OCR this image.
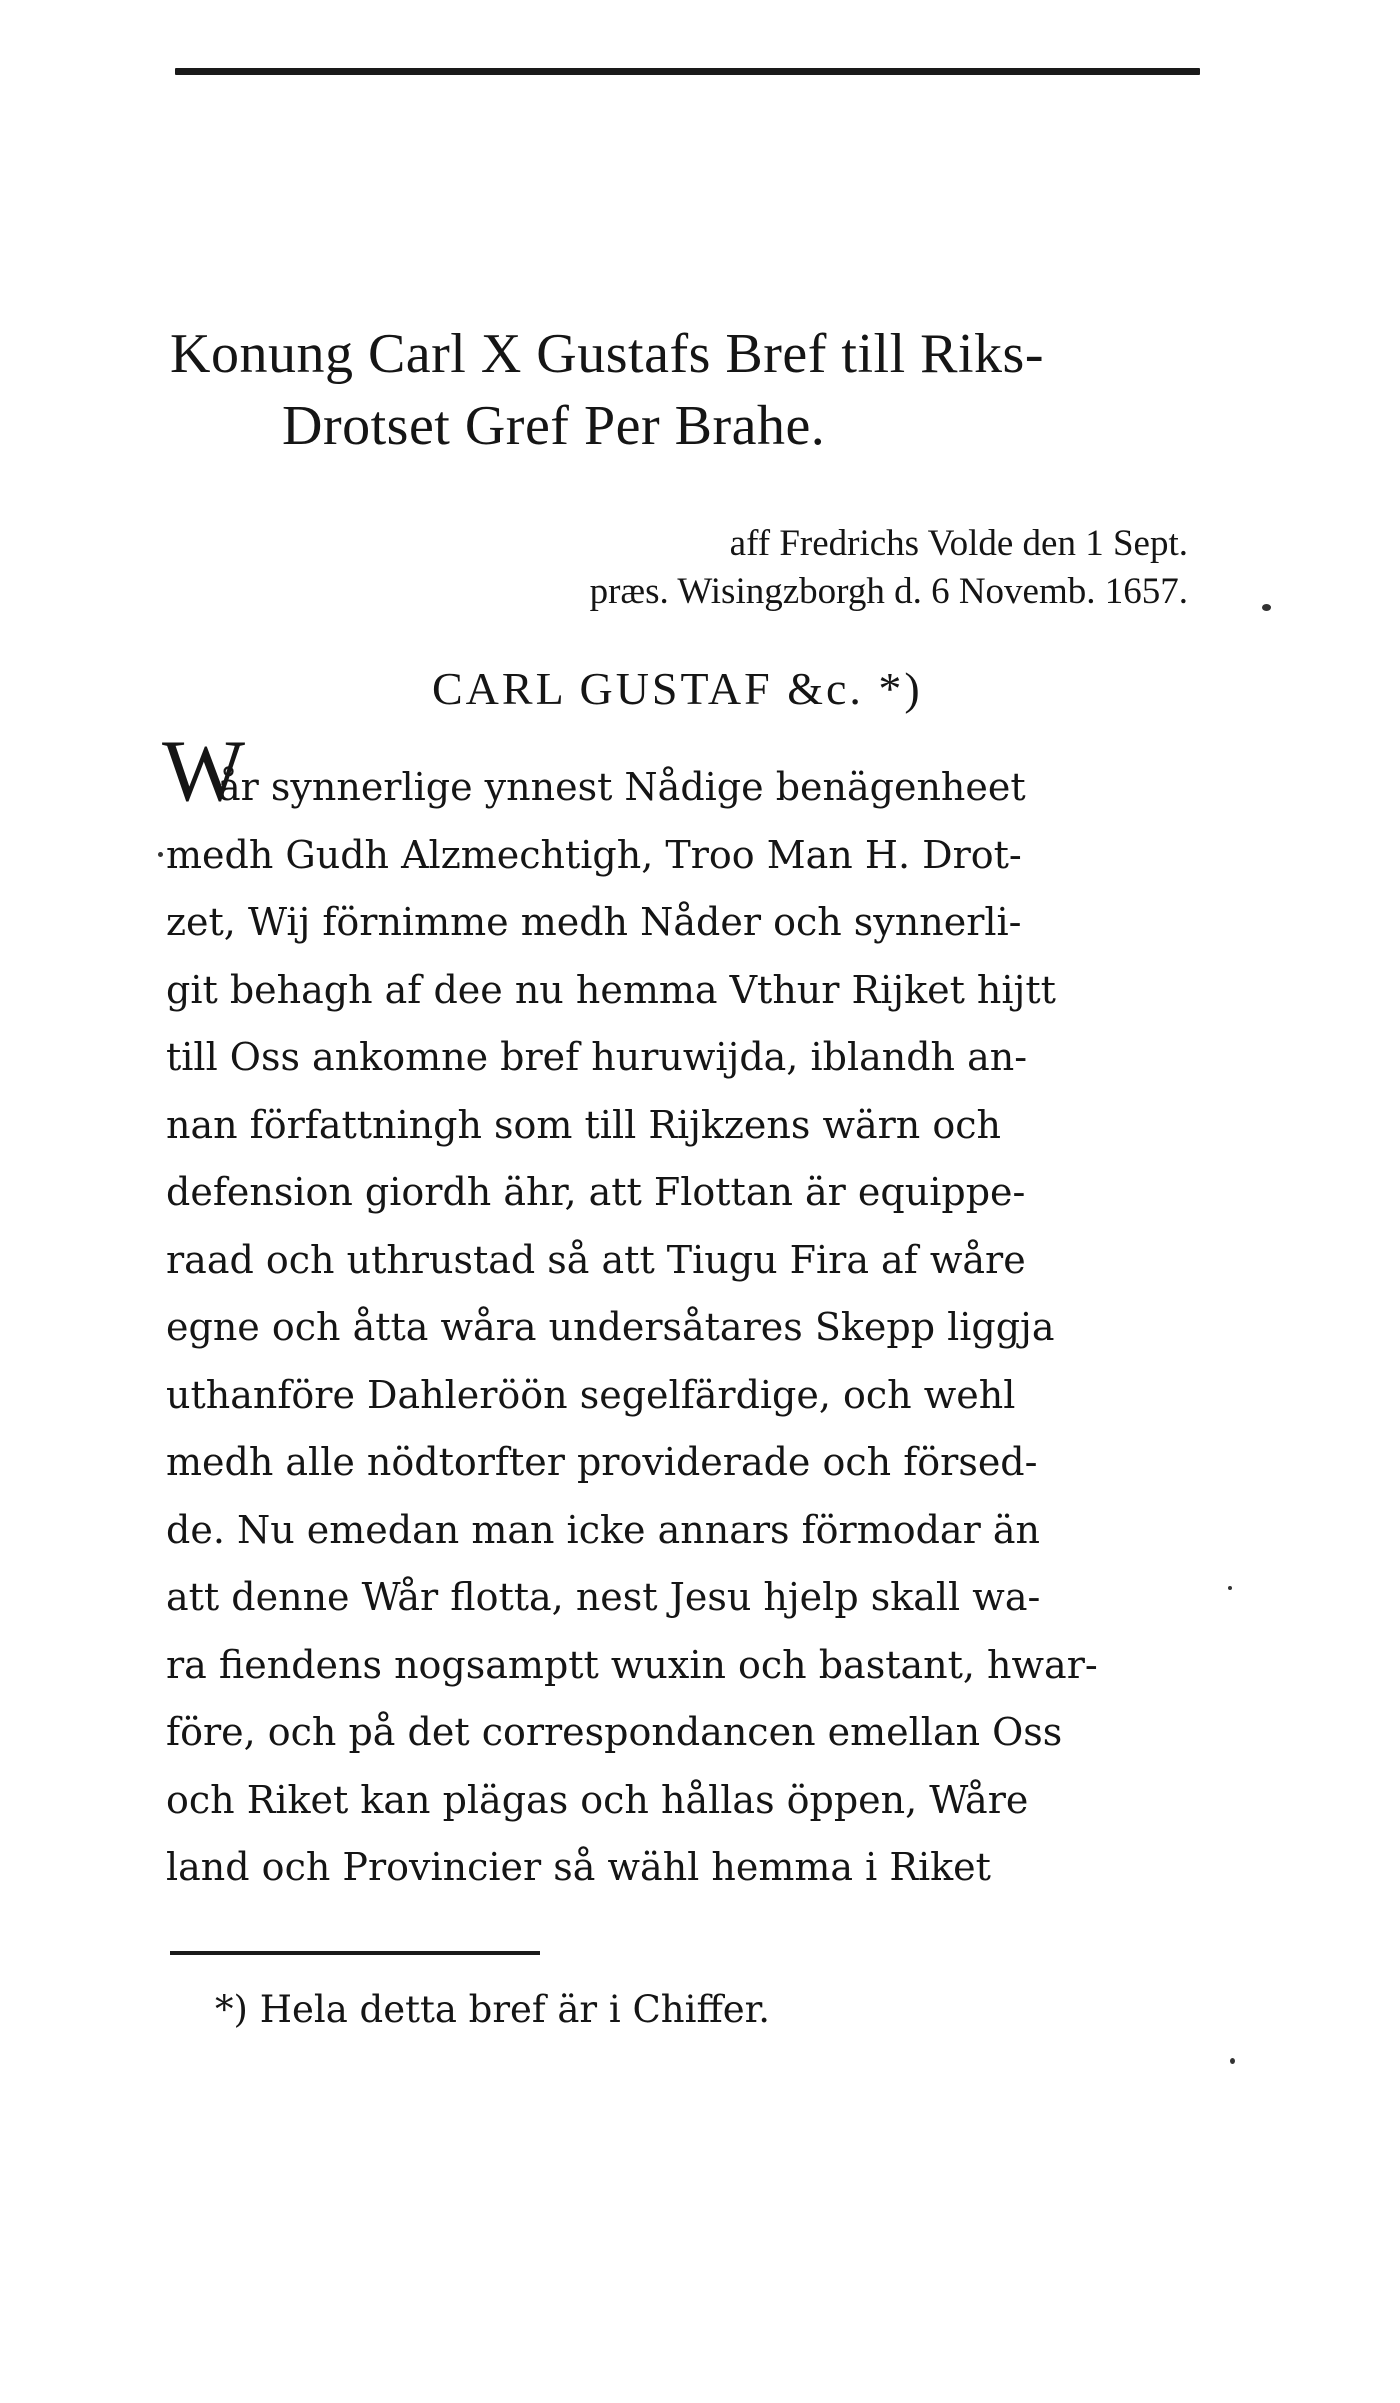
Konung Carl X Gustafs Bref till Riks-
Drotset Gref Per Brahe.
aff Fredrichs Volde den 1 Sept.
præs. Wisingzborgh d. 6 Novemb. 1657.
CARL GUSTAF &c. *)
W
år synnerlige ynnest Nådige benägenheet
medh Gudh Alzmechtigh, Troo Man H. Drot-
zet, Wij förnimme medh Nåder och synnerli-
git behagh af dee nu hemma Vthur Rijket hijtt
till Oss ankomne bref huruwijda, iblandh an-
nan författningh som till Rijkzens wärn och
defension giordh ähr, att Flottan är equippe-
raad och uthrustad så att Tiugu Fira af wåre
egne och åtta wåra undersåtares Skepp liggja
uthanföre Dahleröön segelfärdige, och wehl
medh alle nödtorfter providerade och försed-
de. Nu emedan man icke annars förmodar än
att denne Wår flotta, nest Jesu hjelp skall wa-
ra fiendens nogsamptt wuxin och bastant, hwar-
före, och på det correspondancen emellan Oss
och Riket kan plägas och hållas öppen, Wåre
land och Provincier så wähl hemma i Riket
*) Hela detta bref är i Chiffer.
